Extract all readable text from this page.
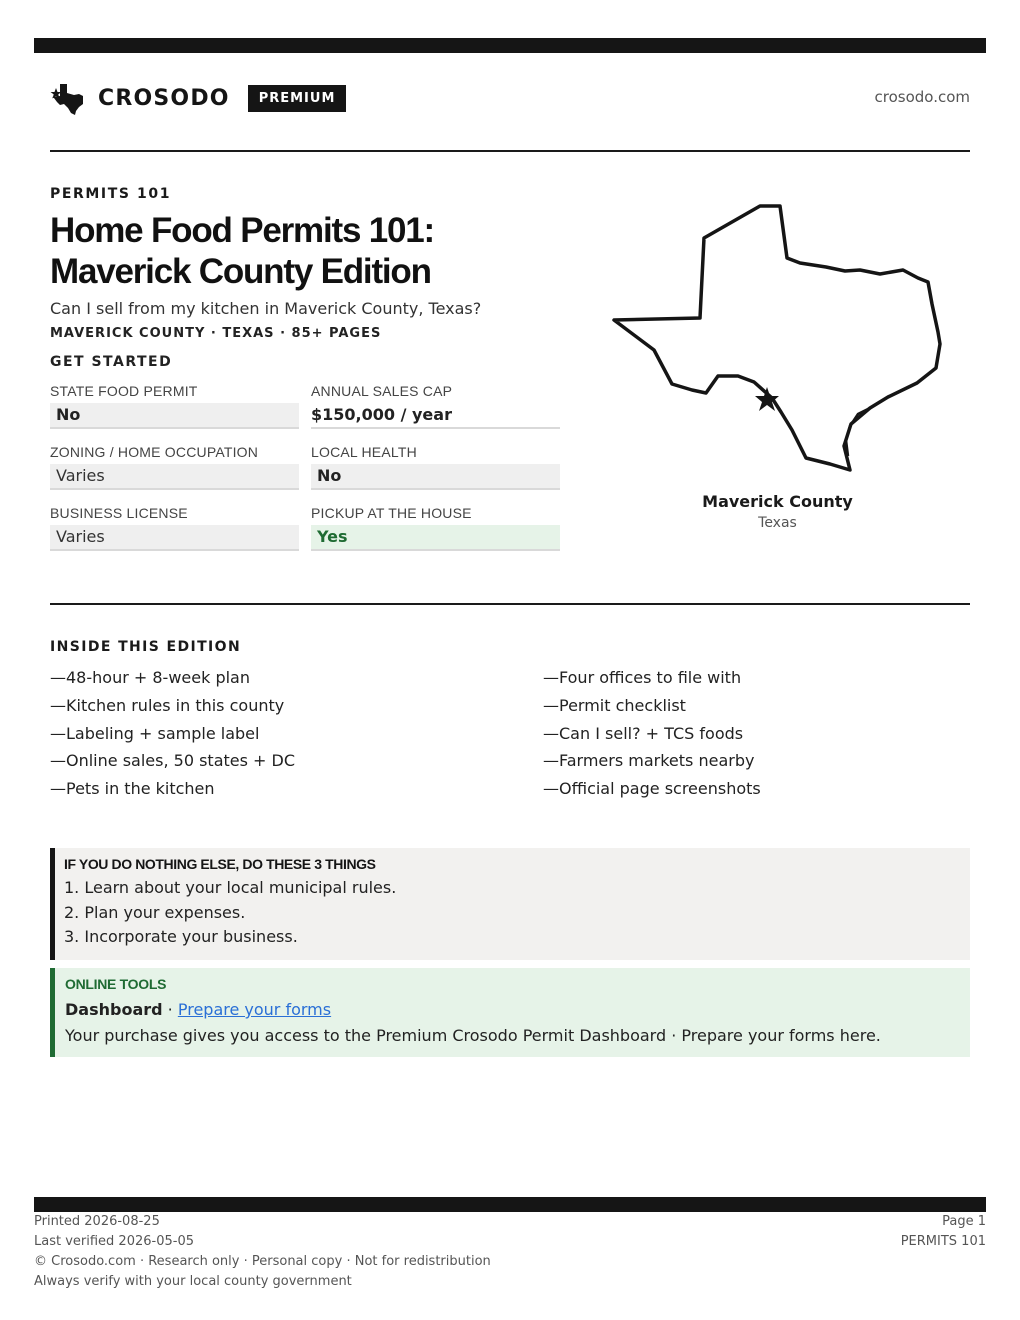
CROSODO	PREMIUM	crosodo.com
PERMITS 101
Home Food Permits 101:
Maverick County Edition
Can I sell from my kitchen in Maverick County, Texas?
MAVERICK COUNTY · TEXAS · 85+ PAGES
GET STARTED
STATE FOOD PERMIT
No
ANNUAL SALES CAP
$150,000 / year
ZONING / HOME OCCUPATION
Varies
LOCAL HEALTH
No
BUSINESS LICENSE
Varies
PICKUP AT THE HOUSE
Yes
Maverick County
Texas
INSIDE THIS EDITION
—48-hour + 8-week plan	—Four offices to file with
—Kitchen rules in this county	—Permit checklist
—Labeling + sample label	—Can I sell? + TCS foods
—Online sales, 50 states + DC	—Farmers markets nearby
—Pets in the kitchen	—Official page screenshots
IF YOU DO NOTHING ELSE, DO THESE 3 THINGS
1. Learn about your local municipal rules.
2. Plan your expenses.
3. Incorporate your business.
ONLINE TOOLS
Dashboard · Prepare your forms
Your purchase gives you access to the Premium Crosodo Permit Dashboard · Prepare your forms here.
Printed 2026-08-25
Last verified 2026-05-05
© Crosodo.com · Research only · Personal copy · Not for redistribution
Always verify with your local county government
Page 1
PERMITS 101
